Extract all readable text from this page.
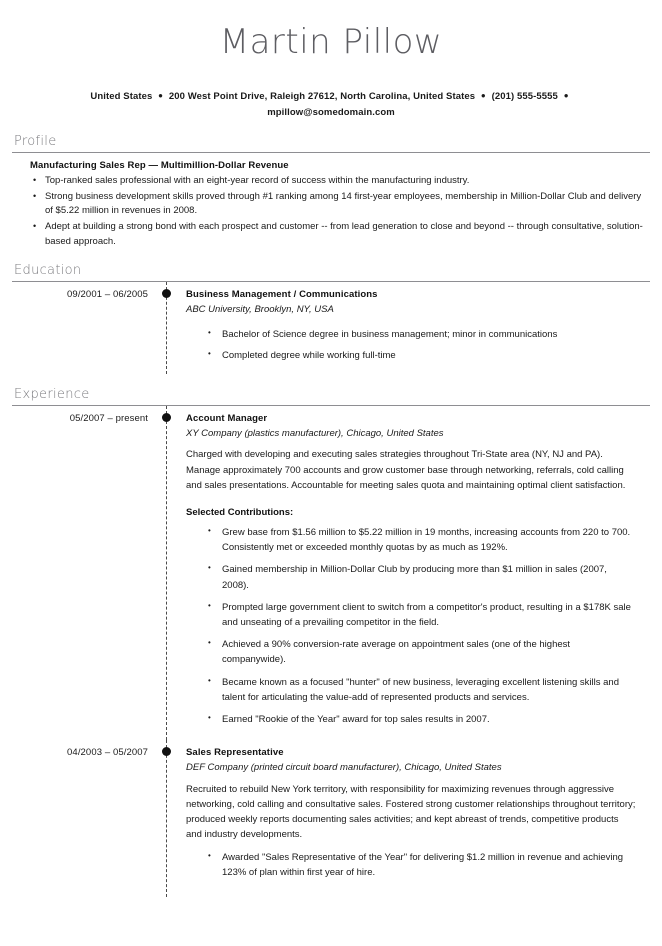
Martin Pillow
United States ● 200 West Point Drive, Raleigh 27612, North Carolina, United States ● (201) 555-5555 ●
mpillow@somedomain.com
Profile
Manufacturing Sales Rep — Multimillion-Dollar Revenue
• Top-ranked sales professional with an eight-year record of success within the manufacturing industry.
• Strong business development skills proved through #1 ranking among 14 first-year employees, membership in Million-Dollar Club and delivery of $5.22 million in revenues in 2008.
• Adept at building a strong bond with each prospect and customer -- from lead generation to close and beyond -- through consultative, solution-based approach.
Education
09/2001 – 06/2005	Business Management / Communications
ABC University, Brooklyn, NY, USA
• Bachelor of Science degree in business management; minor in communications
• Completed degree while working full-time
Experience
05/2007 – present	Account Manager
XY Company (plastics manufacturer), Chicago, United States
Charged with developing and executing sales strategies throughout Tri-State area (NY, NJ and PA). Manage approximately 700 accounts and grow customer base through networking, referrals, cold calling and sales presentations. Accountable for meeting sales quota and maintaining optimal client satisfaction.
Selected Contributions:
• Grew base from $1.56 million to $5.22 million in 19 months, increasing accounts from 220 to 700. Consistently met or exceeded monthly quotas by as much as 192%.
• Gained membership in Million-Dollar Club by producing more than $1 million in sales (2007, 2008).
• Prompted large government client to switch from a competitor's product, resulting in a $178K sale and unseating of a prevailing competitor in the field.
• Achieved a 90% conversion-rate average on appointment sales (one of the highest companywide).
• Became known as a focused "hunter" of new business, leveraging excellent listening skills and talent for articulating the value-add of represented products and services.
• Earned "Rookie of the Year" award for top sales results in 2007.
04/2003 – 05/2007	Sales Representative
DEF Company (printed circuit board manufacturer), Chicago, United States
Recruited to rebuild New York territory, with responsibility for maximizing revenues through aggressive networking, cold calling and consultative sales. Fostered strong customer relationships throughout territory; produced weekly reports documenting sales activities; and kept abreast of trends, competitive products and industry developments.
• Awarded "Sales Representative of the Year" for delivering $1.2 million in revenue and achieving 123% of plan within first year of hire.
